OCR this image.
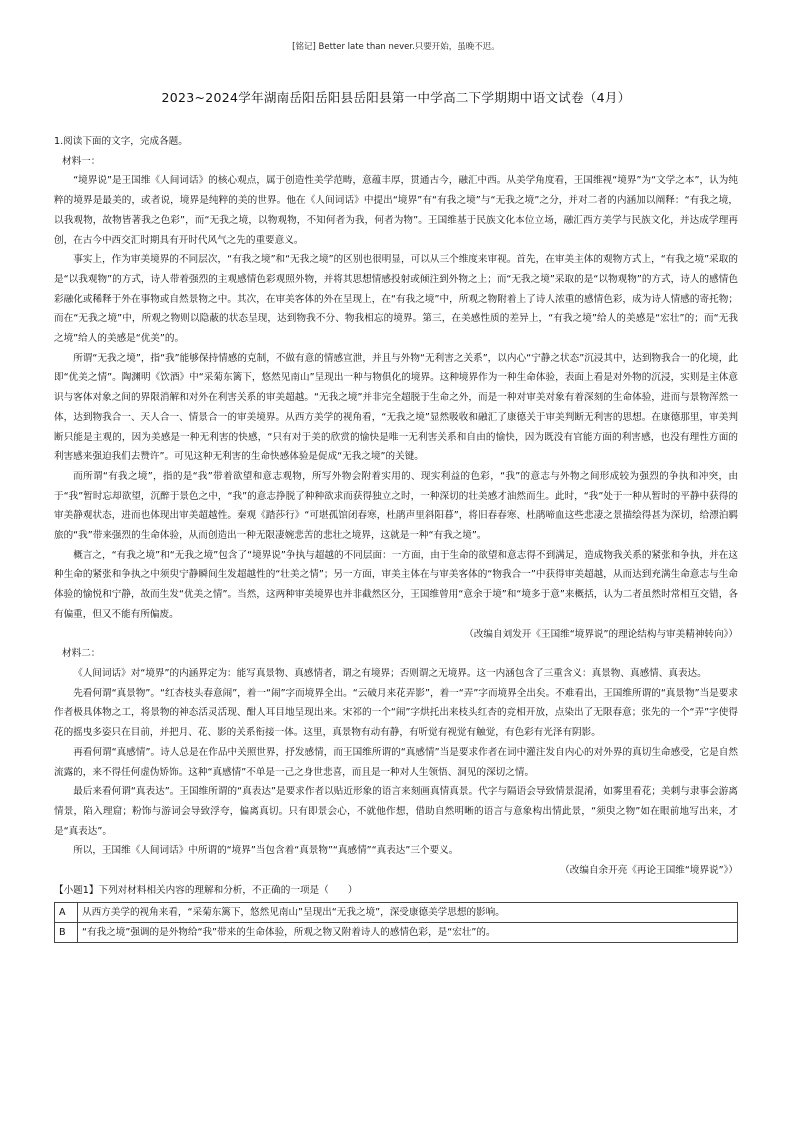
[铭记] Better late than never.只要开始，虽晚不迟。
2023~2024学年湖南岳阳岳阳县岳阳县第一中学高二下学期期中语文试卷（4月）

1.阅读下面的文字，完成各题。

材料一：

“境界说”是王国维《人间词话》的核心观点，属于创造性美学范畴，意蕴丰厚，贯通古今，融汇中西。从美学角度看，王国维视“境界”为“文学之本”，认为纯粹的境界是最美的，或者说，境界是纯粹的美的世界。他在《人间词话》中提出“境界”有“有我之境”与“无我之境”之分，并对二者的内涵加以阐释：“有我之境，以我观物，故物皆著我之色彩”，而“无我之境，以物观物，不知何者为我，何者为物”。王国维基于民族文化本位立场，融汇西方美学与民族文化，并达成学理再创，在古今中西交汇时期具有开时代风气之先的重要意义。

事实上，作为审美境界的不同层次，“有我之境”和“无我之境”的区别也很明显，可以从三个维度来审视。首先，在审美主体的观物方式上，“有我之境”采取的是“以我观物”的方式，诗人带着强烈的主观感情色彩观照外物，并将其思想情感投射或倾注到外物之上；而“无我之境”采取的是“以物观物”的方式，诗人的感情色彩融化或稀释于外在事物或自然景物之中。其次，在审美客体的外在呈现上，在“有我之境”中，所观之物附着上了诗人浓重的感情色彩，成为诗人情感的寄托物；而在“无我之境”中，所观之物则以隐蔽的状态呈现，达到物我不分、物我相忘的境界。第三，在美感性质的差异上，“有我之境”给人的美感是“宏壮”的；而“无我之境”给人的美感是“优美”的。

所谓“无我之境”，指“我”能够保持情感的克制，不做有意的情感宣泄，并且与外物“无利害之关系”，以内心“宁静之状态”沉浸其中，达到物我合一的化境，此即“优美之情”。陶渊明《饮酒》中“采菊东篱下，悠然见南山”呈现出一种与物俱化的境界。这种境界作为一种生命体验，表面上看是对外物的沉浸，实则是主体意识与客体对象之间的界限消解和对外在利害关系的审美超越。“无我之境”并非完全超脱于生命之外，而是一种对审美对象有着深刻的生命体验，进而与景物浑然一体，达到物我合一、天人合一、情景合一的审美境界。从西方美学的视角看，“无我之境”显然吸收和融汇了康德关于审美判断无利害的思想。在康德那里，审美判断只能是主观的，因为美感是一种无利害的快感，“只有对于美的欣赏的愉快是唯一无利害关系和自由的愉快，因为既没有官能方面的利害感，也没有理性方面的利害感来强迫我们去赞许”。可见这种无利害的生命快感体验是促成“无我之境”的关键。

而所谓“有我之境”，指的是“我”带着欲望和意志观物，所写外物会附着实用的、现实利益的色彩，“我”的意志与外物之间形成较为强烈的争执和冲突，由于“我”暂时忘却欲望，沉醉于景色之中，“我”的意志挣脱了种种欲求而获得独立之时，一种深切的壮美感才油然而生。此时，“我”处于一种从暂时的平静中获得的审美静观状态，进而也体现出审美超越性。秦观《踏莎行》“可堪孤馆闭春寒，杜鹃声里斜阳暮”，将旧春春寒、杜鹃啼血这些悲凄之景描绘得甚为深切，给漂泊羁旅的“我”带来强烈的生命体验，从而创造出一种无限凄婉悲苦的悲壮之境界，这就是一种“有我之境”。

概言之，“有我之境”和“无我之境”包含了“境界说”争执与超越的不同层面：一方面，由于生命的欲望和意志得不到满足，造成物我关系的紧张和争执，并在这种生命的紧张和争执之中须臾宁静瞬间生发超越性的“壮美之情”；另一方面，审美主体在与审美客体的“物我合一”中获得审美超越，从而达到充满生命意志与生命体验的愉悦和宁静，故而生发“优美之情”。当然，这两种审美境界也并非截然区分，王国维曾用“意余于境”和“境多于意”来概括，认为二者虽然时常相互交错，各有偏重，但又不能有所偏废。

（改编自刘发开《王国维“境界说”的理论结构与审美精神转向》）

材料二：

《人间词话》对“境界”的内涵界定为：能写真景物、真感情者，谓之有境界；否则谓之无境界。这一内涵包含了三重含义：真景物、真感情、真表达。

先看何谓“真景物”。“红杏枝头春意闹”，着一“闹”字而境界全出。“云破月来花弄影”，着一“弄”字而境界全出矣。不难看出，王国维所谓的“真景物”当是要求作者极具体物之工，将景物的神态活灵活现、酣人耳目地呈现出来。宋祁的一个“闹”字烘托出来枝头红杏的竞相开放，点染出了无限春意；张先的一个“弄”字使得花的摇曳多姿只在目前，并把月、花、影的关系衔接一体。这里，真景物有动有静，有听觉有视觉有触觉，有色彩有光泽有阴影。

再看何谓“真感情”。诗人总是在作品中关照世界，抒发感情，而王国维所谓的“真感情”当是要求作者在词中灌注发自内心的对外界的真切生命感受，它是自然流露的，来不得任何虚伪矫饰。这种“真感情”不单是一己之身世悲喜，而且是一种对人生领悟、洞见的深切之情。

最后来看何谓“真表达”。王国维所谓的“真表达”是要求作者以贴近形象的语言来刻画真情真景。代字与隔语会导致情景混淆，如雾里看花；美刺与隶事会游离情景，陷入理窟；粉饰与游词会导致浮夸，偏离真切。只有即景会心，不就他作想，借助自然明晰的语言与意象构出情此景，“须臾之物”如在眼前地写出来，才是“真表达”。

所以，王国维《人间词话》中所谓的“境界”当包含着“真景物”“真感情”“真表达”三个要义。

（改编自余开亮《再论王国维“境界说”》）

【小题1】下列对材料相关内容的理解和分析，不正确的一项是（　　）

A	从西方美学的视角来看，“采菊东篱下，悠然见南山”呈现出“无我之境”，深受康德美学思想的影响。
B	“有我之境”强调的是外物给“我”带来的生命体验，所观之物又附着诗人的感情色彩，是“宏壮”的。
